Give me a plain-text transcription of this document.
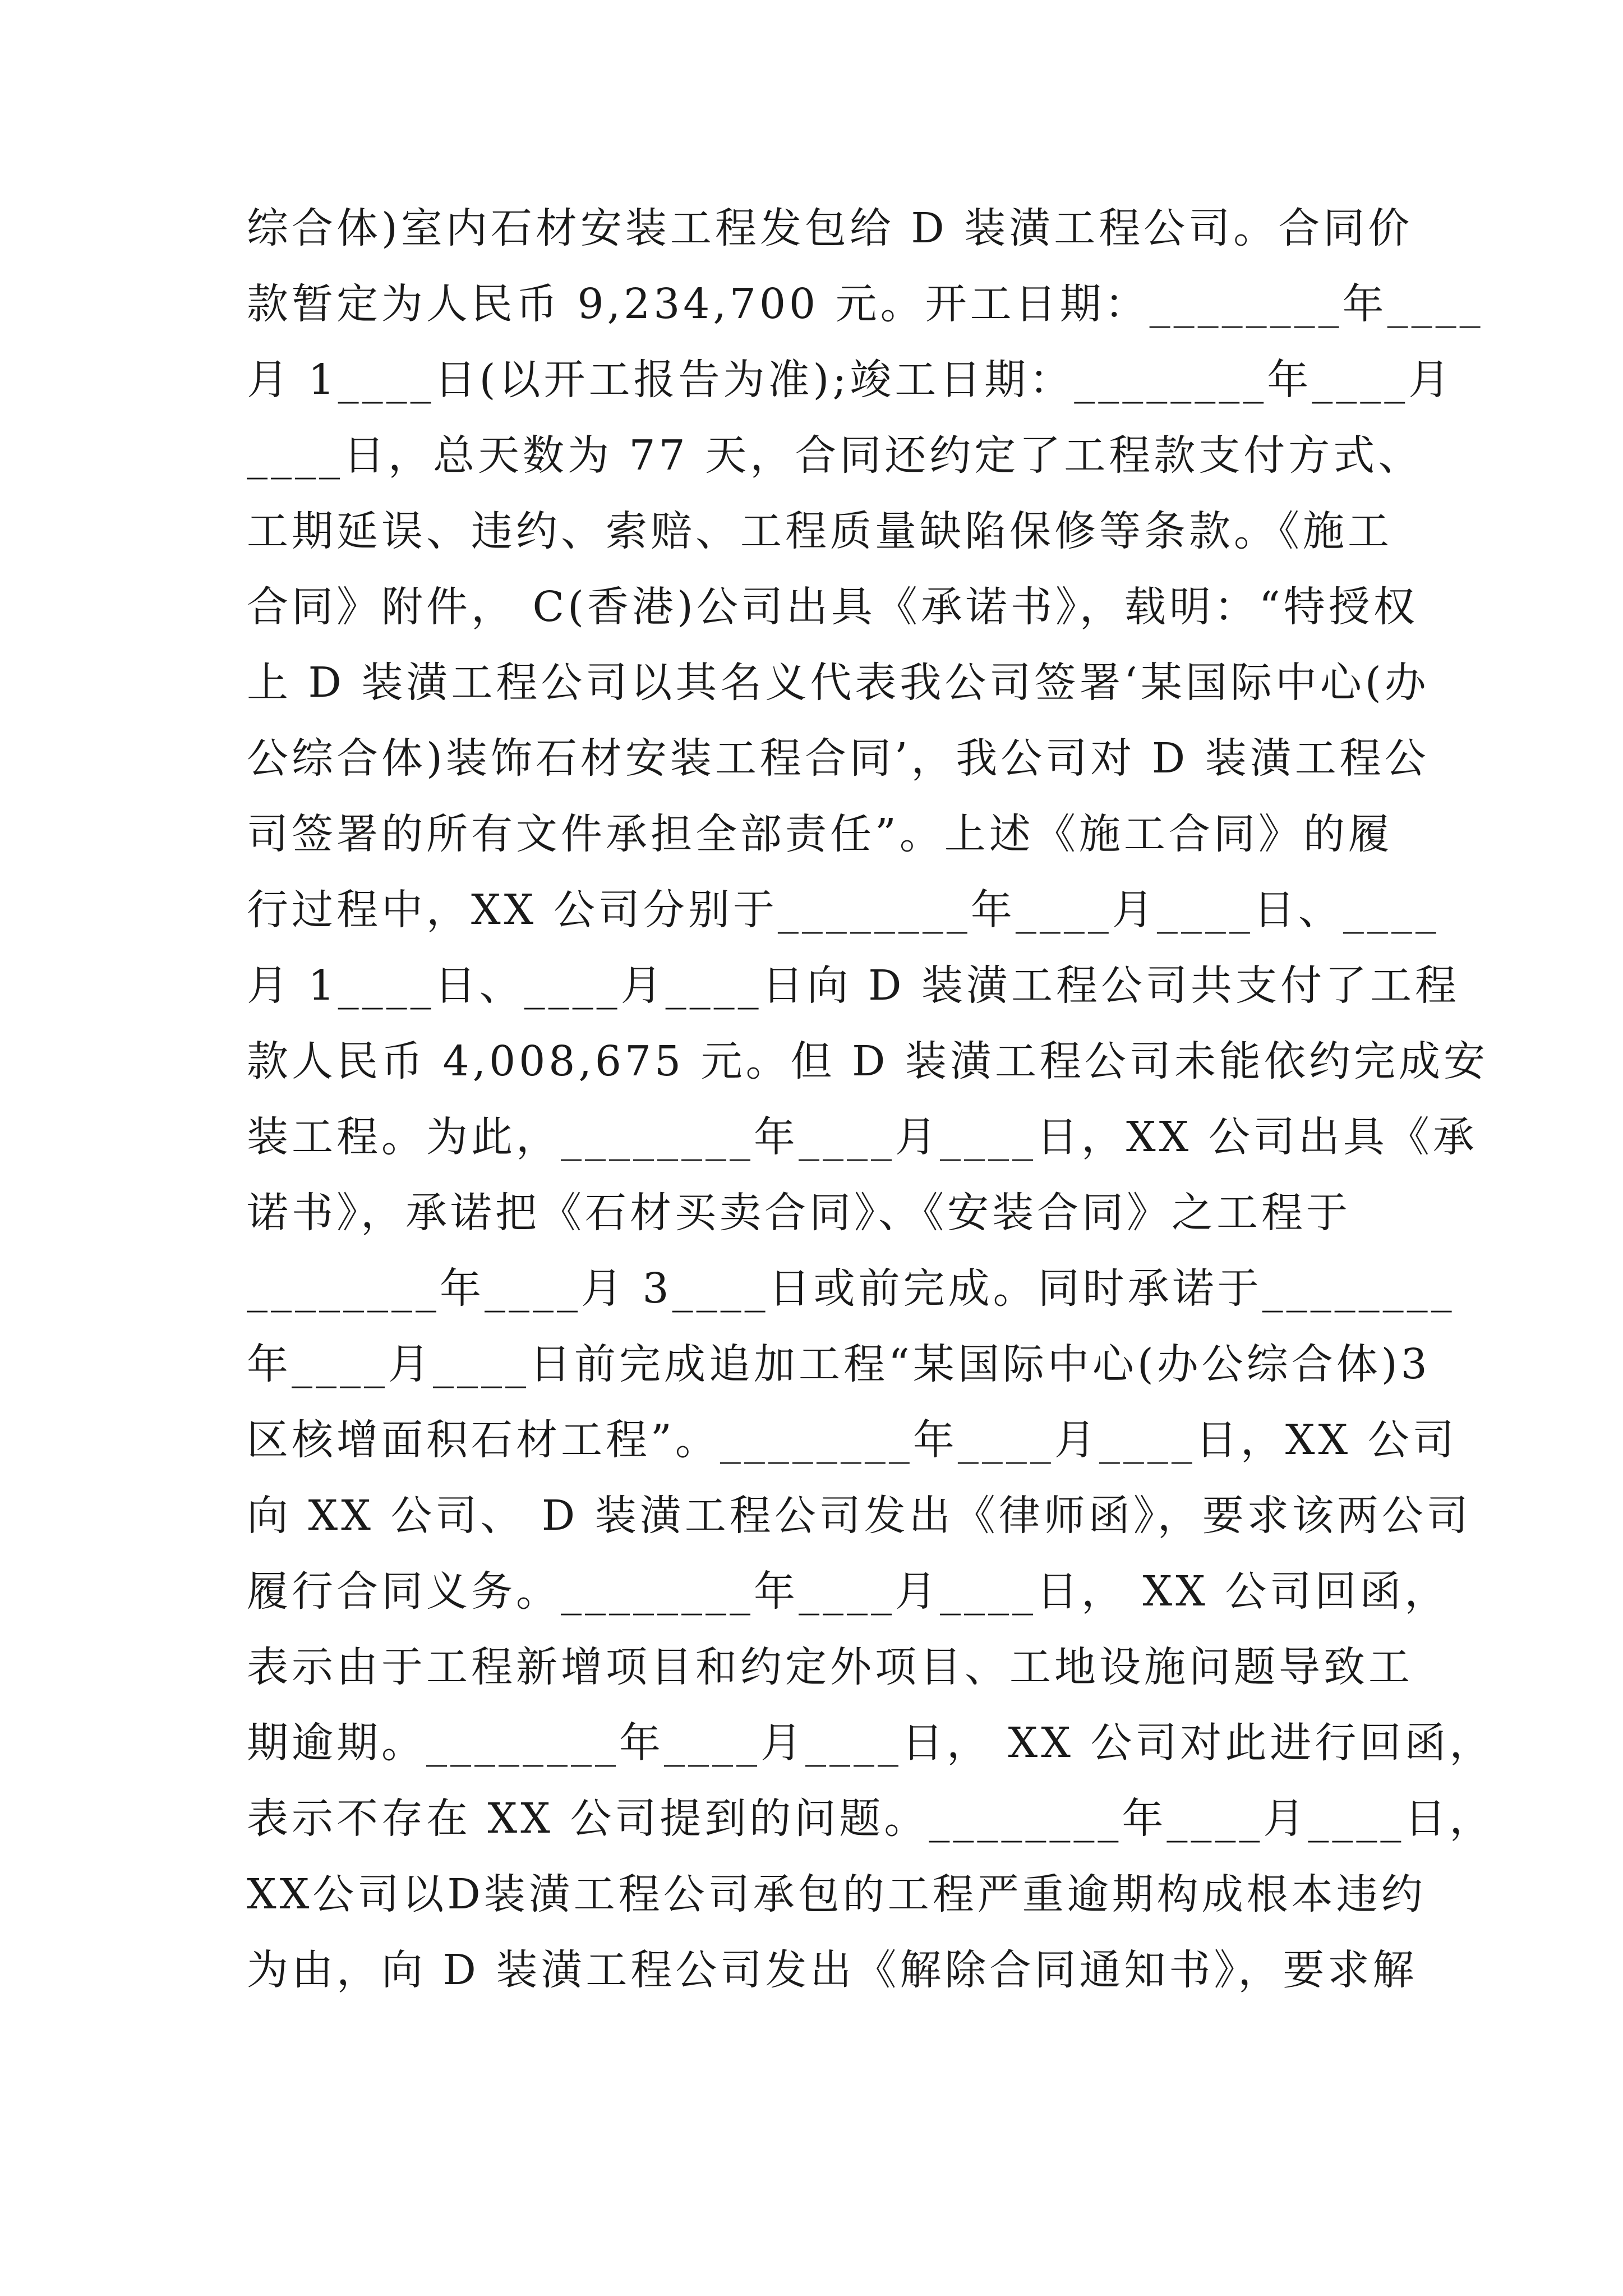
综合体)室内石材安装工程发包给 D 装潢工程公司。合同价
款暂定为人民币 9,234,700 元。开工日期：________年____
月 1____日(以开工报告为准);竣工日期：________年____月
____日，总天数为 77 天，合同还约定了工程款支付方式、
工期延误、违约、索赔、工程质量缺陷保修等条款。《施工
合同》附件， C(香港)公司出具《承诺书》，载明：“特授权
上 D 装潢工程公司以其名义代表我公司签署‘某国际中心(办
公综合体)装饰石材安装工程合同’，我公司对 D 装潢工程公
司签署的所有文件承担全部责任”。上述《施工合同》的履
行过程中，XX 公司分别于________年____月____日、____
月 1____日、____月____日向 D 装潢工程公司共支付了工程
款人民币 4,008,675 元。但 D 装潢工程公司未能依约完成安
装工程。为此，________年____月____日，XX 公司出具《承
诺书》，承诺把《石材买卖合同》、《安装合同》之工程于
________年____月 3____日或前完成。同时承诺于________
年____月____日前完成追加工程“某国际中心(办公综合体)3
区核增面积石材工程”。________年____月____日，XX 公司
向 XX 公司、 D 装潢工程公司发出《律师函》，要求该两公司
履行合同义务。________年____月____日， XX 公司回函，
表示由于工程新增项目和约定外项目、工地设施问题导致工
期逾期。________年____月____日， XX 公司对此进行回函，
表示不存在 XX 公司提到的问题。________年____月____日，
XX公司以D装潢工程公司承包的工程严重逾期构成根本违约
为由，向 D 装潢工程公司发出《解除合同通知书》，要求解
